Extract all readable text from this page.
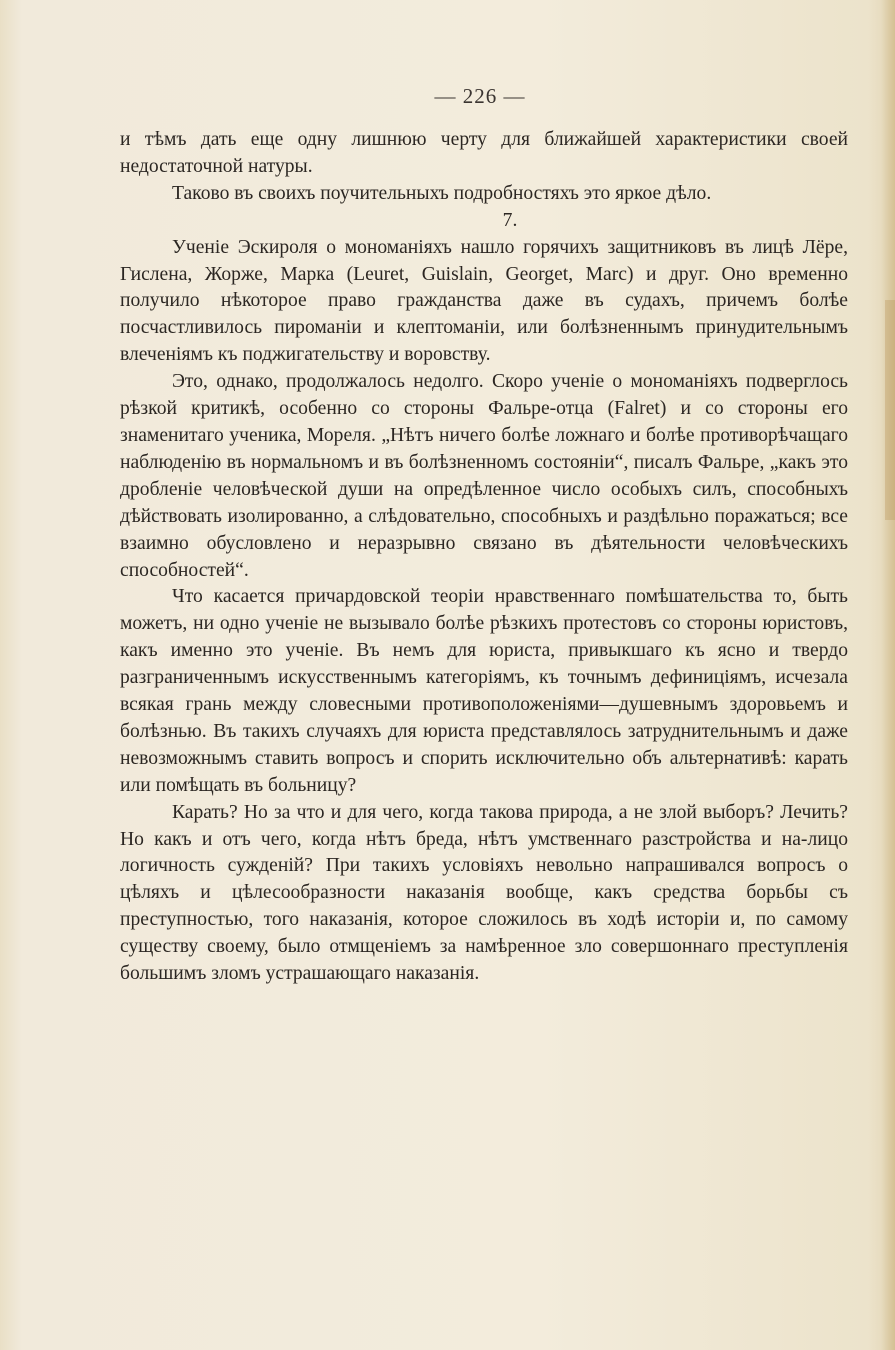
— 226 —

и тѣмъ дать еще одну лишнюю черту для ближайшей характеристики своей недостаточной натуры.

Таково въ своихъ поучительныхъ подробностяхъ это яркое дѣло.

7.

Ученіе Эскироля о мономаніяхъ нашло горячихъ защитниковъ въ лицѣ Лёре, Гислена, Жорже, Марка (Leuret, Guislain, Georget, Marc) и друг. Оно временно получило нѣкоторое право гражданства даже въ судахъ, причемъ болѣе посчастливилось пироманіи и клептоманіи, или болѣзненнымъ принудительнымъ влеченіямъ къ поджигательству и воровству.

Это, однако, продолжалось недолго. Скоро ученіе о мономаніяхъ подверглось рѣзкой критикѣ, особенно со стороны Фальре-отца (Falret) и со стороны его знаменитаго ученика, Мореля. „Нѣтъ ничего болѣе ложнаго и болѣе противорѣчащаго наблюденію въ нормальномъ и въ болѣзненномъ состояніи“, писалъ Фальре, „какъ это дробленіе человѣческой души на опредѣленное число особыхъ силъ, способныхъ дѣйствовать изолированно, а слѣдовательно, способныхъ и раздѣльно поражаться; все взаимно обусловлено и неразрывно связано въ дѣятельности человѣческихъ способностей“.

Что касается причардовской теоріи нравственнаго помѣшательства то, быть можетъ, ни одно ученіе не вызывало болѣе рѣзкихъ протестовъ со стороны юристовъ, какъ именно это ученіе. Въ немъ для юриста, привыкшаго къ ясно и твердо разграниченнымъ искусственнымъ категоріямъ, къ точнымъ дефиниціямъ, исчезала всякая грань между словесными противоположеніями—душевнымъ здоровьемъ и болѣзнью. Въ такихъ случаяхъ для юриста представлялось затруднительнымъ и даже невозможнымъ ставить вопросъ и спорить исключительно объ альтернативѣ: карать или помѣщать въ больницу?

Карать? Но за что и для чего, когда такова природа, а не злой выборъ? Лечить? Но какъ и отъ чего, когда нѣтъ бреда, нѣтъ умственнаго разстройства и на-лицо логичность сужденій? При такихъ условіяхъ невольно напрашивался вопросъ о цѣляхъ и цѣлесообразности наказанія вообще, какъ средства борьбы съ преступностью, того наказанія, которое сложилось въ ходѣ исторіи и, по самому существу своему, было отмщеніемъ за намѣренное зло совершоннаго преступленія большимъ зломъ устрашающаго наказанія.
